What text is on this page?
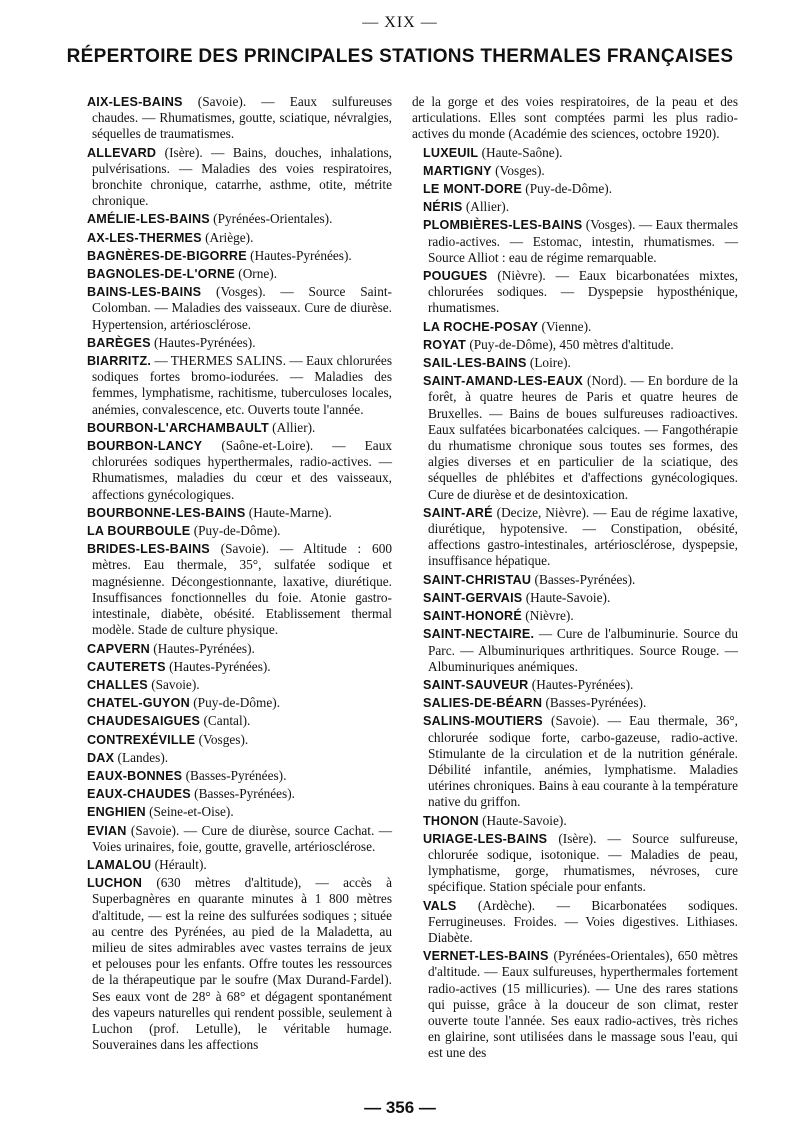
— XIX —
RÉPERTOIRE DES PRINCIPALES STATIONS THERMALES FRANÇAISES

AIX-LES-BAINS (Savoie). — Eaux sulfureuses chaudes. — Rhumatismes, goutte, sciatique, névralgies, séquelles de traumatismes.

ALLEVARD (Isère). — Bains, douches, inhalations, pulvérisations. — Maladies des voies respiratoires, bronchite chronique, catarrhe, asthme, otite, métrite chronique.

AMÉLIE-LES-BAINS (Pyrénées-Orientales).

AX-LES-THERMES (Ariège).

BAGNÈRES-DE-BIGORRE (Hautes-Pyrénées).

BAGNOLES-DE-L'ORNE (Orne).

BAINS-LES-BAINS (Vosges). — Source Saint-Colomban. — Maladies des vaisseaux. Cure de diurèse. Hypertension, artériosclérose.

BARÈGES (Hautes-Pyrénées).

BIARRITZ. — THERMES SALINS. — Eaux chlorurées sodiques fortes bromo-iodurées. — Maladies des femmes, lymphatisme, rachitisme, tuberculoses locales, anémies, convalescence, etc. Ouverts toute l'année.

BOURBON-L'ARCHAMBAULT (Allier).

BOURBON-LANCY (Saône-et-Loire). — Eaux chlorurées sodiques hyperthermales, radio-actives. — Rhumatismes, maladies du cœur et des vaisseaux, affections gynécologiques.

BOURBONNE-LES-BAINS (Haute-Marne).

LA BOURBOULE (Puy-de-Dôme).

BRIDES-LES-BAINS (Savoie). — Altitude : 600 mètres. Eau thermale, 35°, sulfatée sodique et magnésienne. Décongestionnante, laxative, diurétique. Insuffisances fonctionnelles du foie. Atonie gastro-intestinale, diabète, obésité. Etablissement thermal modèle. Stade de culture physique.

CAPVERN (Hautes-Pyrénées).

CAUTERETS (Hautes-Pyrénées).

CHALLES (Savoie).

CHATEL-GUYON (Puy-de-Dôme).

CHAUDESAIGUES (Cantal).

CONTREXÉVILLE (Vosges).

DAX (Landes).

EAUX-BONNES (Basses-Pyrénées).

EAUX-CHAUDES (Basses-Pyrénées).

ENGHIEN (Seine-et-Oise).

EVIAN (Savoie). — Cure de diurèse, source Cachat. — Voies urinaires, foie, goutte, gravelle, artériosclérose.

LAMALOU (Hérault).

LUCHON (630 mètres d'altitude), — accès à Superbagnères en quarante minutes à 1 800 mètres d'altitude, — est la reine des sulfurées sodiques ; située au centre des Pyrénées, au pied de la Maladetta, au milieu de sites admirables avec vastes terrains de jeux et pelouses pour les enfants. Offre toutes les ressources de la thérapeutique par le soufre (Max Durand-Fardel). Ses eaux vont de 28° à 68° et dégagent spontanément des vapeurs naturelles qui rendent possible, seulement à Luchon (prof. Letulle), le véritable humage. Souveraines dans les affections

de la gorge et des voies respiratoires, de la peau et des articulations. Elles sont comptées parmi les plus radio-actives du monde (Académie des sciences, octobre 1920).

LUXEUIL (Haute-Saône).

MARTIGNY (Vosges).

LE MONT-DORE (Puy-de-Dôme).

NÉRIS (Allier).

PLOMBIÈRES-LES-BAINS (Vosges). — Eaux thermales radio-actives. — Estomac, intestin, rhumatismes. — Source Alliot : eau de régime remarquable.

POUGUES (Nièvre). — Eaux bicarbonatées mixtes, chlorurées sodiques. — Dyspepsie hyposthénique, rhumatismes.

LA ROCHE-POSAY (Vienne).

ROYAT (Puy-de-Dôme), 450 mètres d'altitude.

SAIL-LES-BAINS (Loire).

SAINT-AMAND-LES-EAUX (Nord). — En bordure de la forêt, à quatre heures de Paris et quatre heures de Bruxelles. — Bains de boues sulfureuses radioactives. Eaux sulfatées bicarbonatées calciques. — Fangothérapie du rhumatisme chronique sous toutes ses formes, des algies diverses et en particulier de la sciatique, des séquelles de phlébites et d'affections gynécologiques. Cure de diurèse et de desintoxication.

SAINT-ARÉ (Decize, Nièvre). — Eau de régime laxative, diurétique, hypotensive. — Constipation, obésité, affections gastro-intestinales, artériosclérose, dyspepsie, insuffisance hépatique.

SAINT-CHRISTAU (Basses-Pyrénées).

SAINT-GERVAIS (Haute-Savoie).

SAINT-HONORÉ (Nièvre).

SAINT-NECTAIRE. — Cure de l'albuminurie. Source du Parc. — Albuminuriques arthritiques. Source Rouge. — Albuminuriques anémiques.

SAINT-SAUVEUR (Hautes-Pyrénées).

SALIES-DE-BÉARN (Basses-Pyrénées).

SALINS-MOUTIERS (Savoie). — Eau thermale, 36°, chlorurée sodique forte, carbo-gazeuse, radio-active. Stimulante de la circulation et de la nutrition générale. Débilité infantile, anémies, lymphatisme. Maladies utérines chroniques. Bains à eau courante à la température native du griffon.

THONON (Haute-Savoie).

URIAGE-LES-BAINS (Isère). — Source sulfureuse, chlorurée sodique, isotonique. — Maladies de peau, lymphatisme, gorge, rhumatismes, névroses, cure spécifique. Station spéciale pour enfants.

VALS (Ardèche). — Bicarbonatées sodiques. Ferrugineuses. Froides. — Voies digestives. Lithiases. Diabète.

VERNET-LES-BAINS (Pyrénées-Orientales), 650 mètres d'altitude. — Eaux sulfureuses, hyperthermales fortement radio-actives (15 millicuries). — Une des rares stations qui puisse, grâce à la douceur de son climat, rester ouverte toute l'année. Ses eaux radio-actives, très riches en glairine, sont utilisées dans le massage sous l'eau, qui est une des

— 356 —
